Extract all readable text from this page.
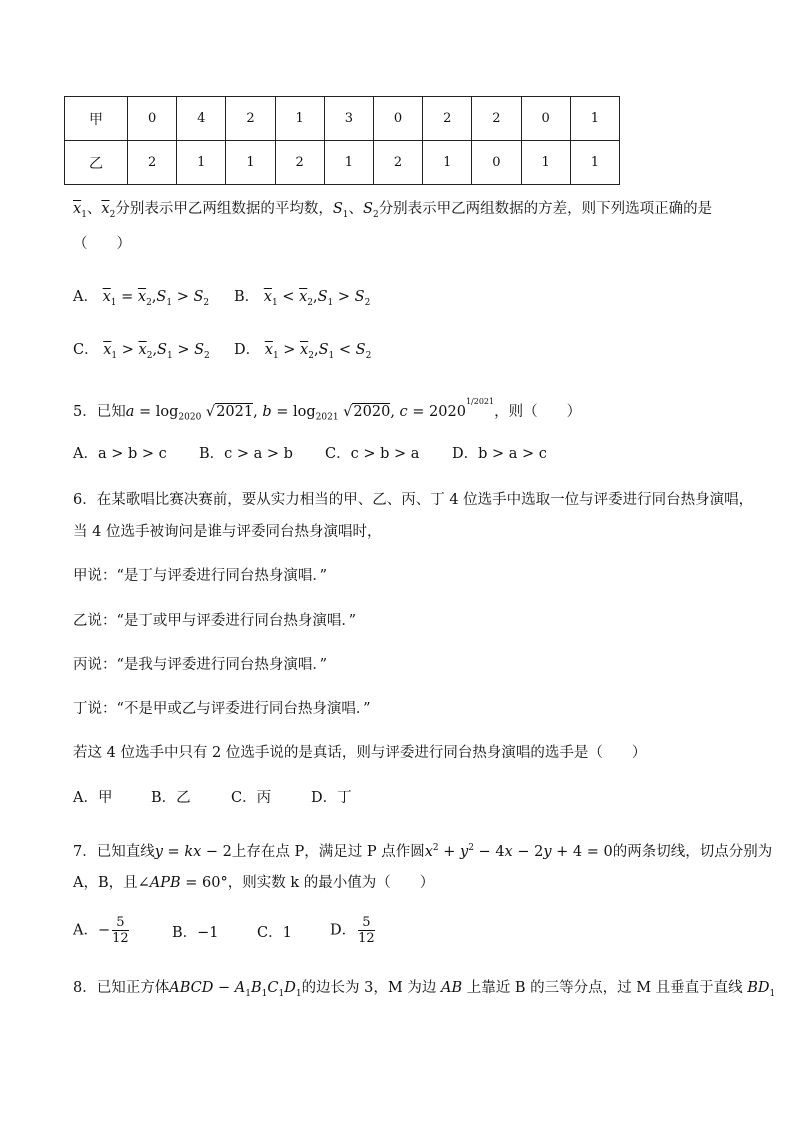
甲	0	4	2	1	3	0	2	2	0	1
乙	2	1	1	2	1	2	1	0	1	1
$\overline{x}_1$、$\overline{x}_2$分别表示甲乙两组数据的平均数，$S_1$、$S_2$分别表示甲乙两组数据的方差，则下列选项正确的是
（　　）
A． $\overline{x}_1 = \overline{x}_2,S_1 > S_2$ B． $\overline{x}_1 < \overline{x}_2,S_1 > S_2$
C． $\overline{x}_1 > \overline{x}_2,S_1 > S_2$ D． $\overline{x}_1 > \overline{x}_2,S_1 < S_2$
5．已知$a = \log_{2020} √2021$, $b = \log_{2021} √2020$, $c = 2020^{1/2021}$，则（　　）
A．a > b > c B．c > a > b C．c > b > a D．b > a > c
6．在某歌唱比赛决赛前，要从实力相当的甲、乙、丙、丁 4 位选手中选取一位与评委进行同台热身演唱，
当 4 位选手被询问是谁与评委同台热身演唱时，
甲说：“是丁与评委进行同台热身演唱．”
乙说：“是丁或甲与评委进行同台热身演唱．”
丙说：“是我与评委进行同台热身演唱．”
丁说：“不是甲或乙与评委进行同台热身演唱．”
若这 4 位选手中只有 2 位选手说的是真话，则与评委进行同台热身演唱的选手是（　　）
A．甲	B．乙	C．丙	D．丁
7．已知直线y = kx − 2上存在点 P，满足过 P 点作圆$x^2 + y^2 - 4x - 2y + 4 = 0$的两条切线，切点分别为
A，B，且∠APB = 60°，则实数 k 的最小值为（　　）
A．− $\frac{5}{12}$	B．−1	C．1	D． $\frac{5}{12}$
8．已知正方体ABCD − $A_1B_1C_1D_1$的边长为 3，M 为边 AB 上靠近 B 的三等分点，过 M 且垂直于直线 $BD_1$
